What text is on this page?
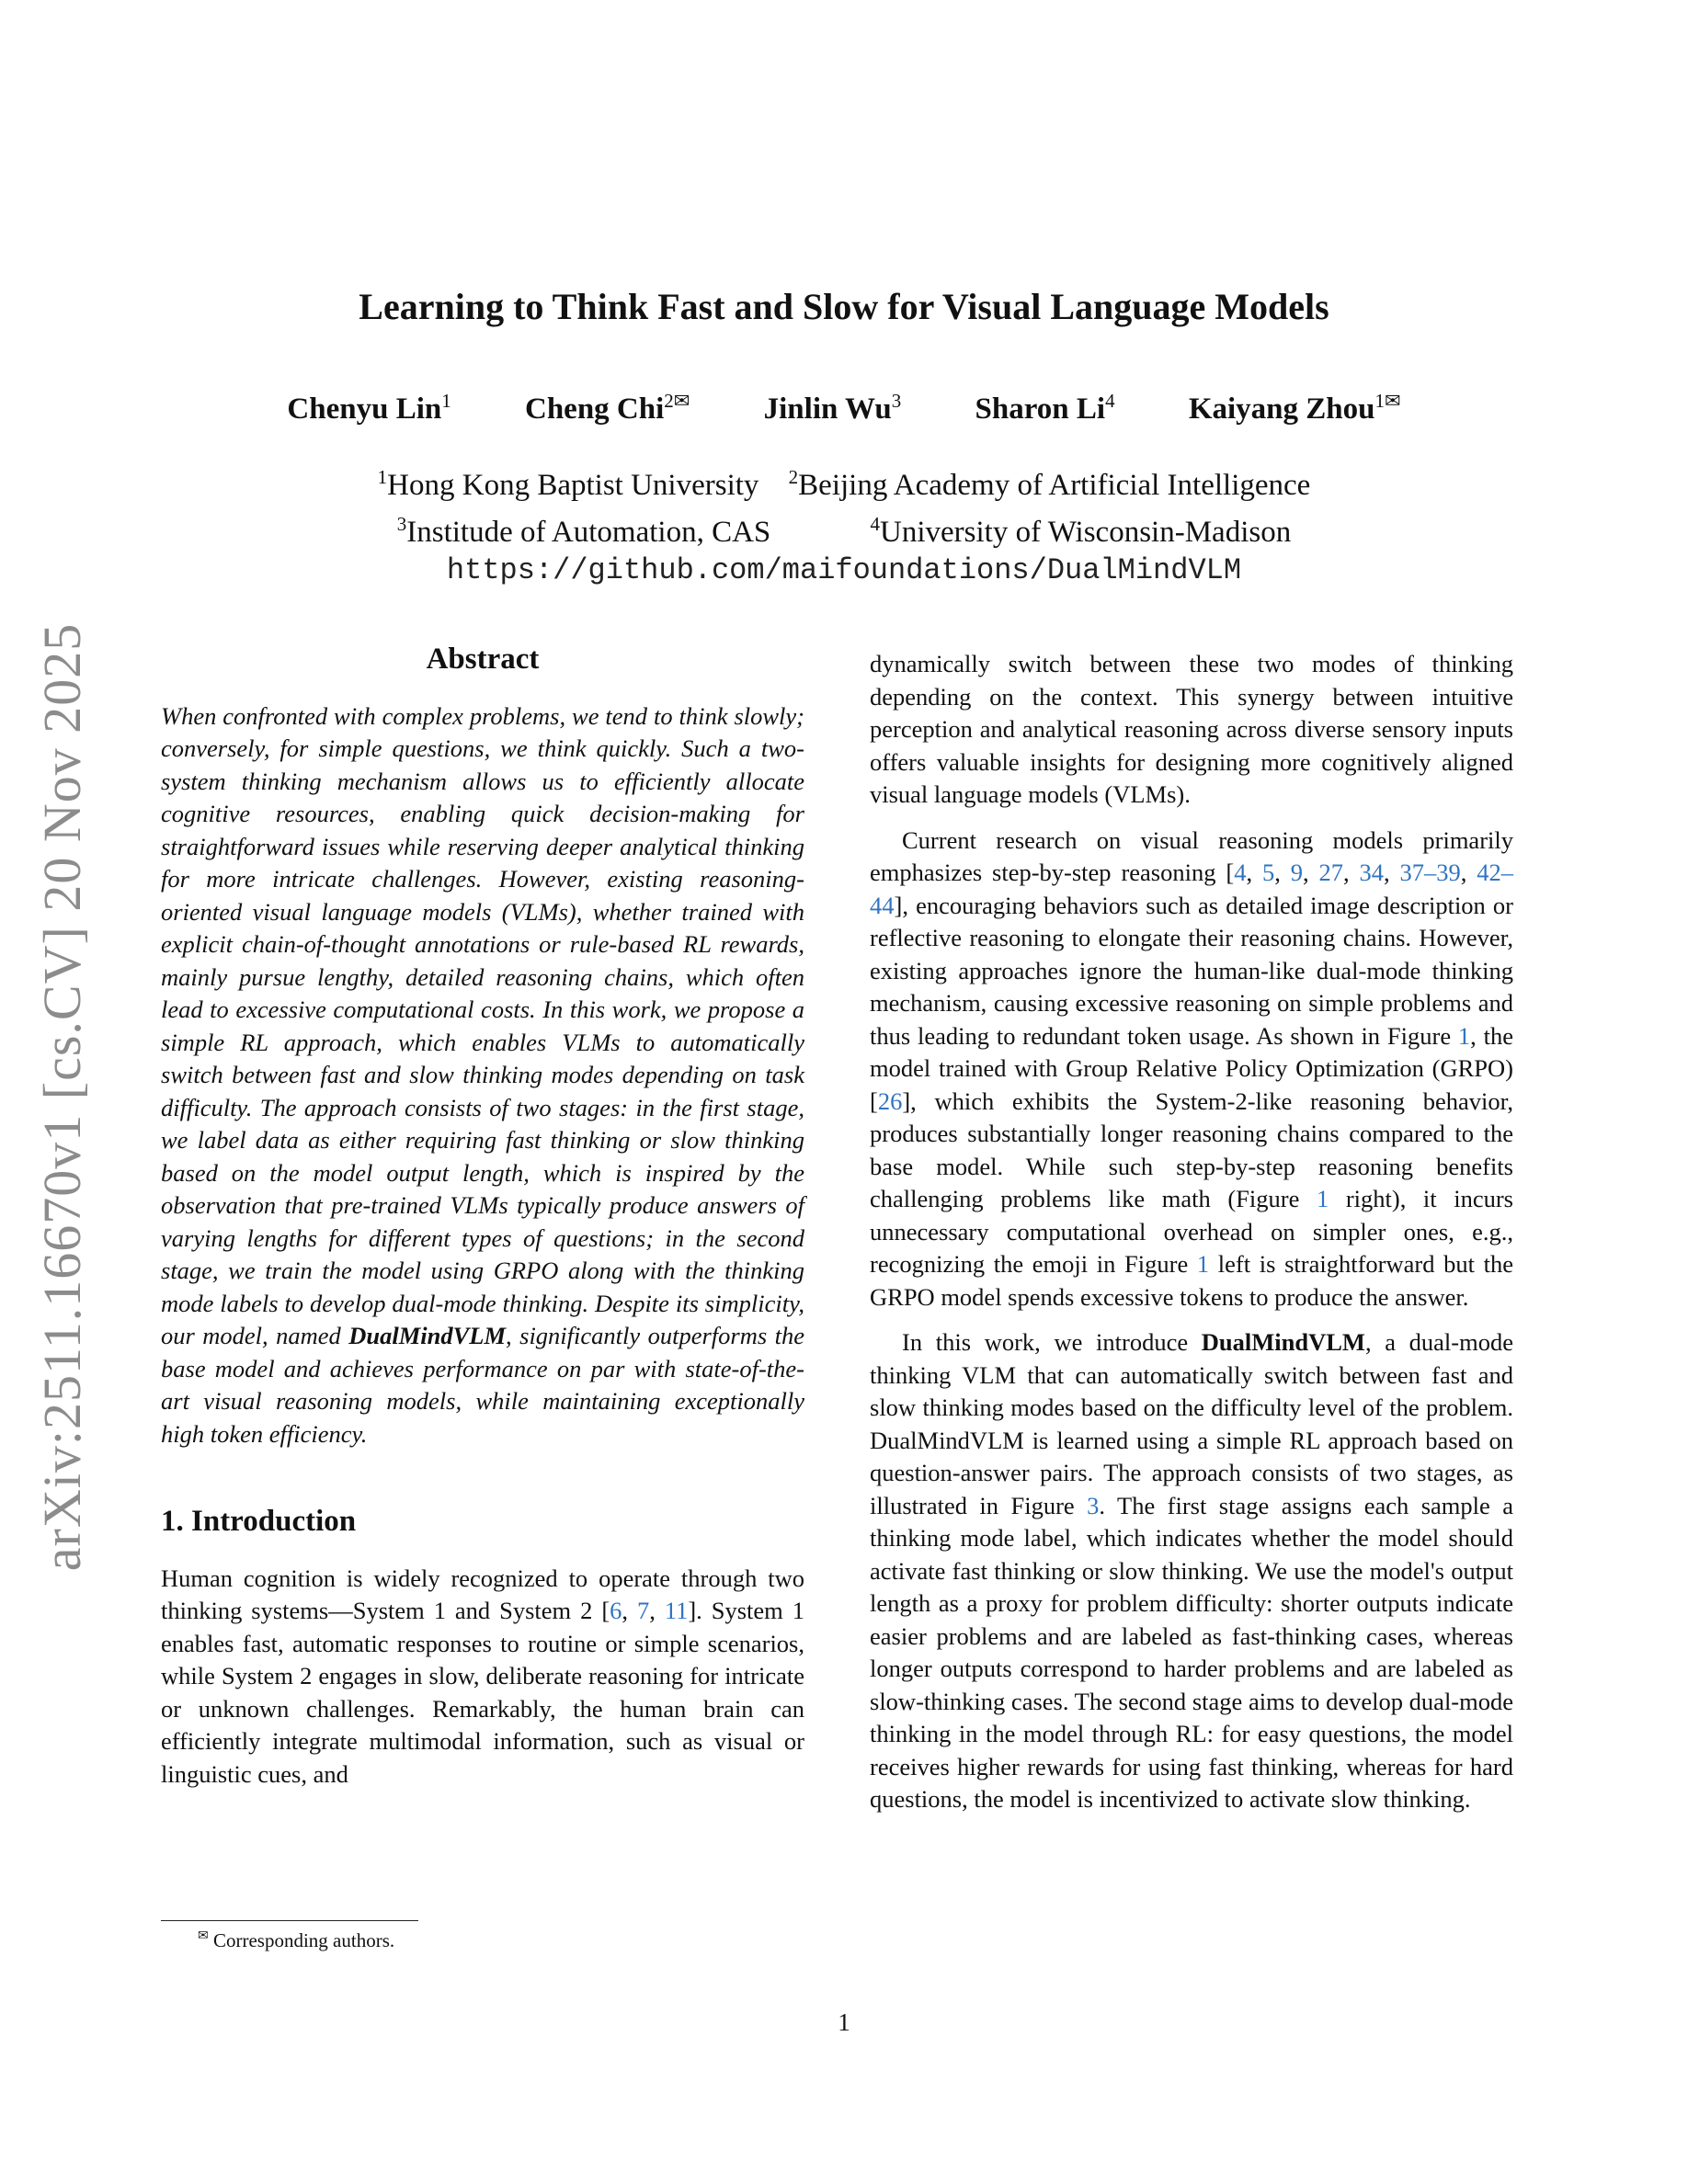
arXiv:2511.16670v1 [cs.CV] 20 Nov 2025
Learning to Think Fast and Slow for Visual Language Models
Chenyu Lin$^1$ Cheng Chi$^{2✉}$ Jinlin Wu$^3$ Sharon Li$^4$ Kaiyang Zhou$^{1✉}$
$^1$Hong Kong Baptist University $^2$Beijing Academy of Artificial Intelligence
$^3$Institude of Automation, CAS	$^4$University of Wisconsin-Madison
https://github.com/maifoundations/DualMindVLM
Abstract

When confronted with complex problems, we tend to think slowly; conversely, for simple questions, we think quickly. Such a two-system thinking mechanism allows us to efficiently allocate cognitive resources, enabling quick decision-making for straightforward issues while reserving deeper analytical thinking for more intricate challenges. However, existing reasoning-oriented visual language models (VLMs), whether trained with explicit chain-of-thought annotations or rule-based RL rewards, mainly pursue lengthy, detailed reasoning chains, which often lead to excessive computational costs. In this work, we propose a simple RL approach, which enables VLMs to automatically switch between fast and slow thinking modes depending on task difficulty. The approach consists of two stages: in the first stage, we label data as either requiring fast thinking or slow thinking based on the model output length, which is inspired by the observation that pre-trained VLMs typically produce answers of varying lengths for different types of questions; in the second stage, we train the model using GRPO along with the thinking mode labels to develop dual-mode thinking. Despite its simplicity, our model, named DualMindVLM, significantly outperforms the base model and achieves performance on par with state-of-the-art visual reasoning models, while maintaining exceptionally high token efficiency.

1. Introduction

Human cognition is widely recognized to operate through two thinking systems—System 1 and System 2 [6, 7, 11]. System 1 enables fast, automatic responses to routine or simple scenarios, while System 2 engages in slow, deliberate reasoning for intricate or unknown challenges. Remarkably, the human brain can efficiently integrate multimodal information, such as visual or linguistic cues, and

dynamically switch between these two modes of thinking depending on the context. This synergy between intuitive perception and analytical reasoning across diverse sensory inputs offers valuable insights for designing more cognitively aligned visual language models (VLMs).

Current research on visual reasoning models primarily emphasizes step-by-step reasoning [4, 5, 9, 27, 34, 37–39, 42–44], encouraging behaviors such as detailed image description or reflective reasoning to elongate their reasoning chains. However, existing approaches ignore the human-like dual-mode thinking mechanism, causing excessive reasoning on simple problems and thus leading to redundant token usage. As shown in Figure 1, the model trained with Group Relative Policy Optimization (GRPO) [26], which exhibits the System-2-like reasoning behavior, produces substantially longer reasoning chains compared to the base model. While such step-by-step reasoning benefits challenging problems like math (Figure 1 right), it incurs unnecessary computational overhead on simpler ones, e.g., recognizing the emoji in Figure 1 left is straightforward but the GRPO model spends excessive tokens to produce the answer.

In this work, we introduce DualMindVLM, a dual-mode thinking VLM that can automatically switch between fast and slow thinking modes based on the difficulty level of the problem. DualMindVLM is learned using a simple RL approach based on question-answer pairs. The approach consists of two stages, as illustrated in Figure 3. The first stage assigns each sample a thinking mode label, which indicates whether the model should activate fast thinking or slow thinking. We use the model's output length as a proxy for problem difficulty: shorter outputs indicate easier problems and are labeled as fast-thinking cases, whereas longer outputs correspond to harder problems and are labeled as slow-thinking cases. The second stage aims to develop dual-mode thinking in the model through RL: for easy questions, the model receives higher rewards for using fast thinking, whereas for hard questions, the model is incentivized to activate slow thinking.

✉ Corresponding authors.
1
